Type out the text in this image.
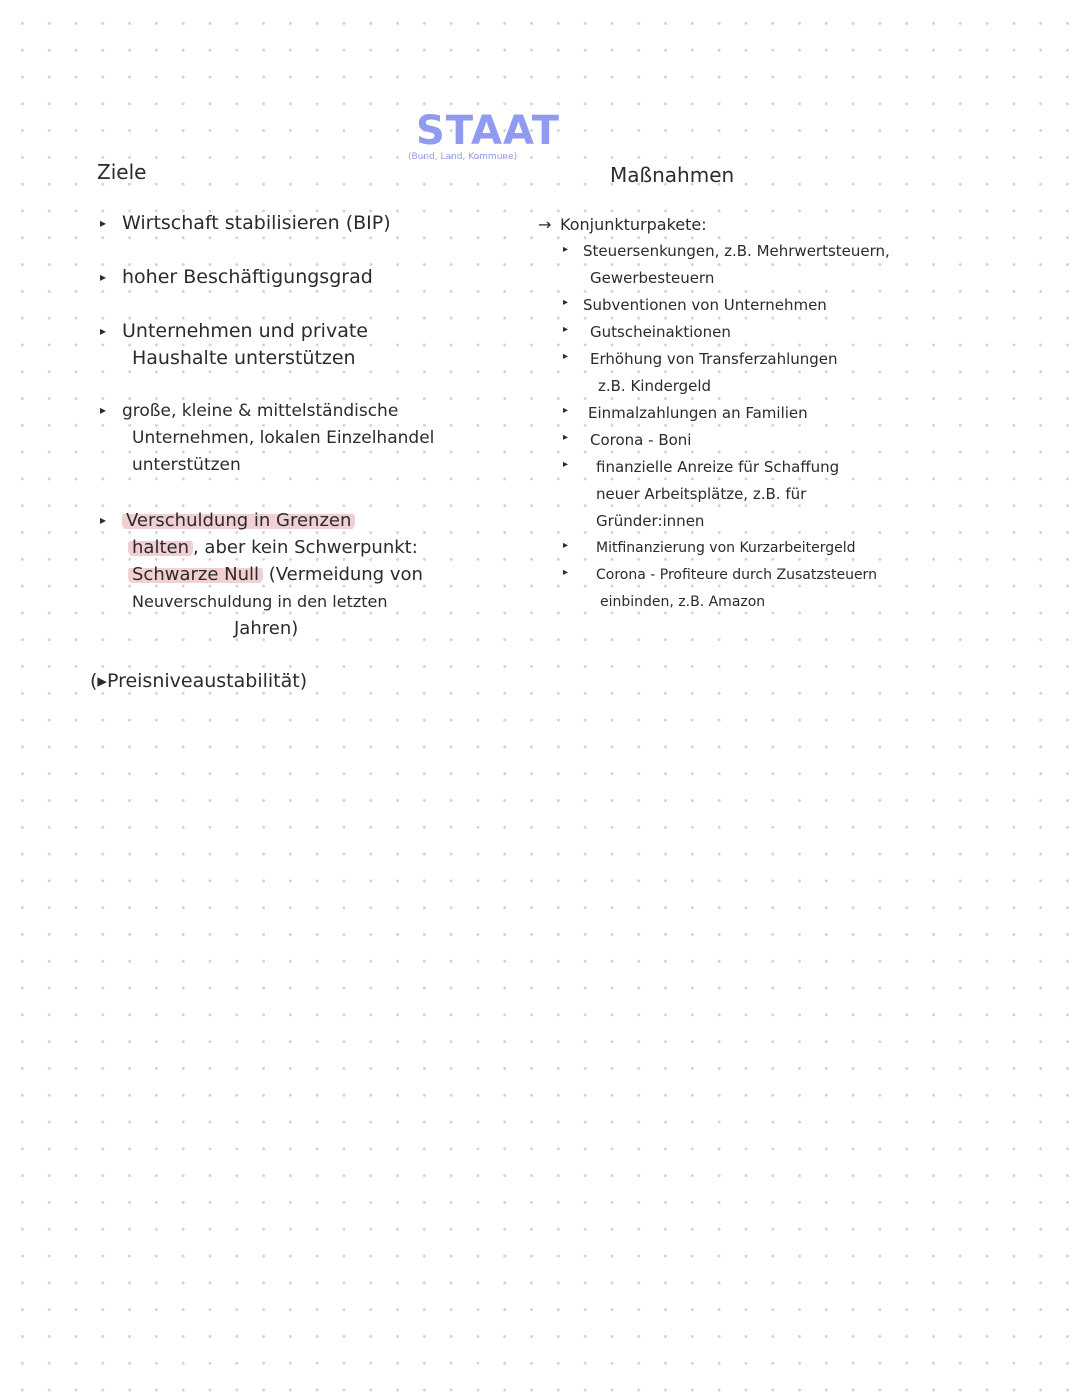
STAAT
(Bund, Land, Kommune)
Ziele
▸ Wirtschaft stabilisieren (BIP)
▸ hoher Beschäftigungsgrad
▸ Unternehmen und private
Haushalte unterstützen
▸ große, kleine & mittelständische
Unternehmen, lokalen Einzelhandel
unterstützen
▸ Verschuldung in Grenzen
halten , aber kein Schwerpunkt:
Schwarze Null (Vermeidung von
Neuverschuldung in den letzten
Jahren)
(▸Preisniveaustabilität)
Maßnahmen
→ Konjunkturpakete:
▸
▸
▸
▸
▸
▸
▸
▸
▸
Steuersenkungen, z.B. Mehrwertsteuern,
Gewerbesteuern
Subventionen von Unternehmen
Gutscheinaktionen
Erhöhung von Transferzahlungen
z.B. Kindergeld
Einmalzahlungen an Familien
Corona - Boni
finanzielle Anreize für Schaffung
neuer Arbeitsplätze, z.B. für
Gründer:innen
Mitfinanzierung von Kurzarbeitergeld
Corona - Profiteure durch Zusatzsteuern
einbinden, z.B. Amazon
